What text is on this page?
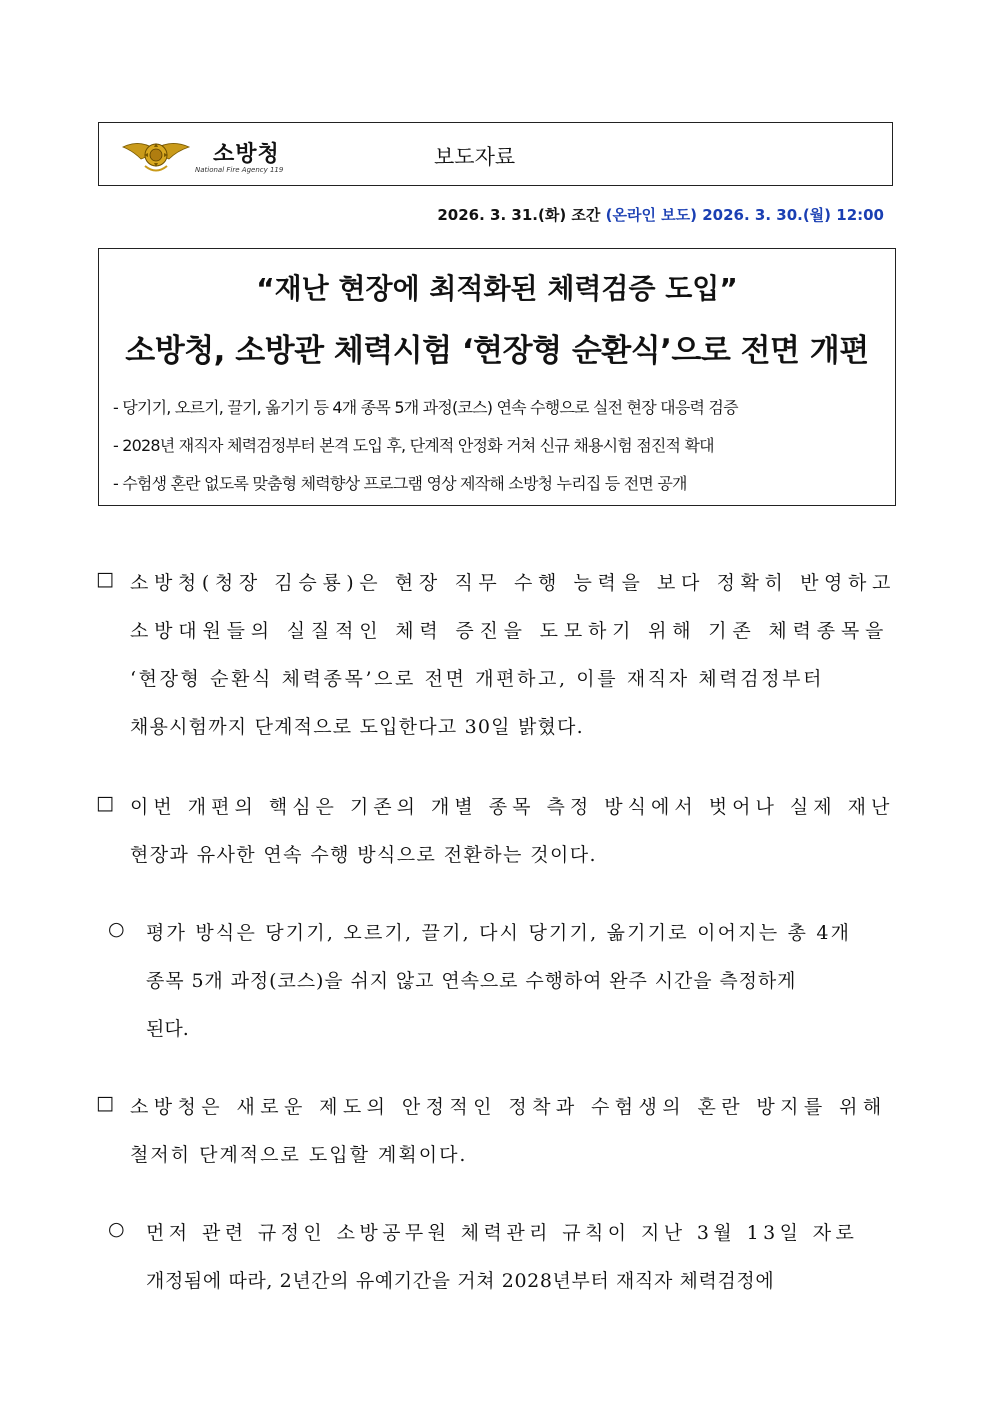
소방청
National Fire Agency 119
보도자료
2026. 3. 31.(화) 조간 (온라인 보도) 2026. 3. 30.(월) 12:00
“재난 현장에 최적화된 체력검증 도입”
소방청, 소방관 체력시험 ‘현장형 순환식’으로 전면 개편
- 당기기, 오르기, 끌기, 옮기기 등 4개 종목 5개 과정(코스) 연속 수행으로 실전 현장 대응력 검증
- 2028년 재직자 체력검정부터 본격 도입 후, 단계적 안정화 거쳐 신규 채용시험 점진적 확대
- 수험생 혼란 없도록 맞춤형 체력향상 프로그램 영상 제작해 소방청 누리집 등 전면 공개
□ 소방청(청장 김승룡)은 현장 직무 수행 능력을 보다 정확히 반영하고
소방대원들의 실질적인 체력 증진을 도모하기 위해 기존 체력종목을
‘현장형 순환식 체력종목’으로 전면 개편하고, 이를 재직자 체력검정부터
채용시험까지 단계적으로 도입한다고 30일 밝혔다.
□ 이번 개편의 핵심은 기존의 개별 종목 측정 방식에서 벗어나 실제 재난
현장과 유사한 연속 수행 방식으로 전환하는 것이다.
○ 평가 방식은 당기기, 오르기, 끌기, 다시 당기기, 옮기기로 이어지는 총 4개
종목 5개 과정(코스)을 쉬지 않고 연속으로 수행하여 완주 시간을 측정하게
된다.
□ 소방청은 새로운 제도의 안정적인 정착과 수험생의 혼란 방지를 위해
철저히 단계적으로 도입할 계획이다.
○ 먼저 관련 규정인 소방공무원 체력관리 규칙이 지난 3월 13일 자로
개정됨에 따라, 2년간의 유예기간을 거쳐 2028년부터 재직자 체력검정에
